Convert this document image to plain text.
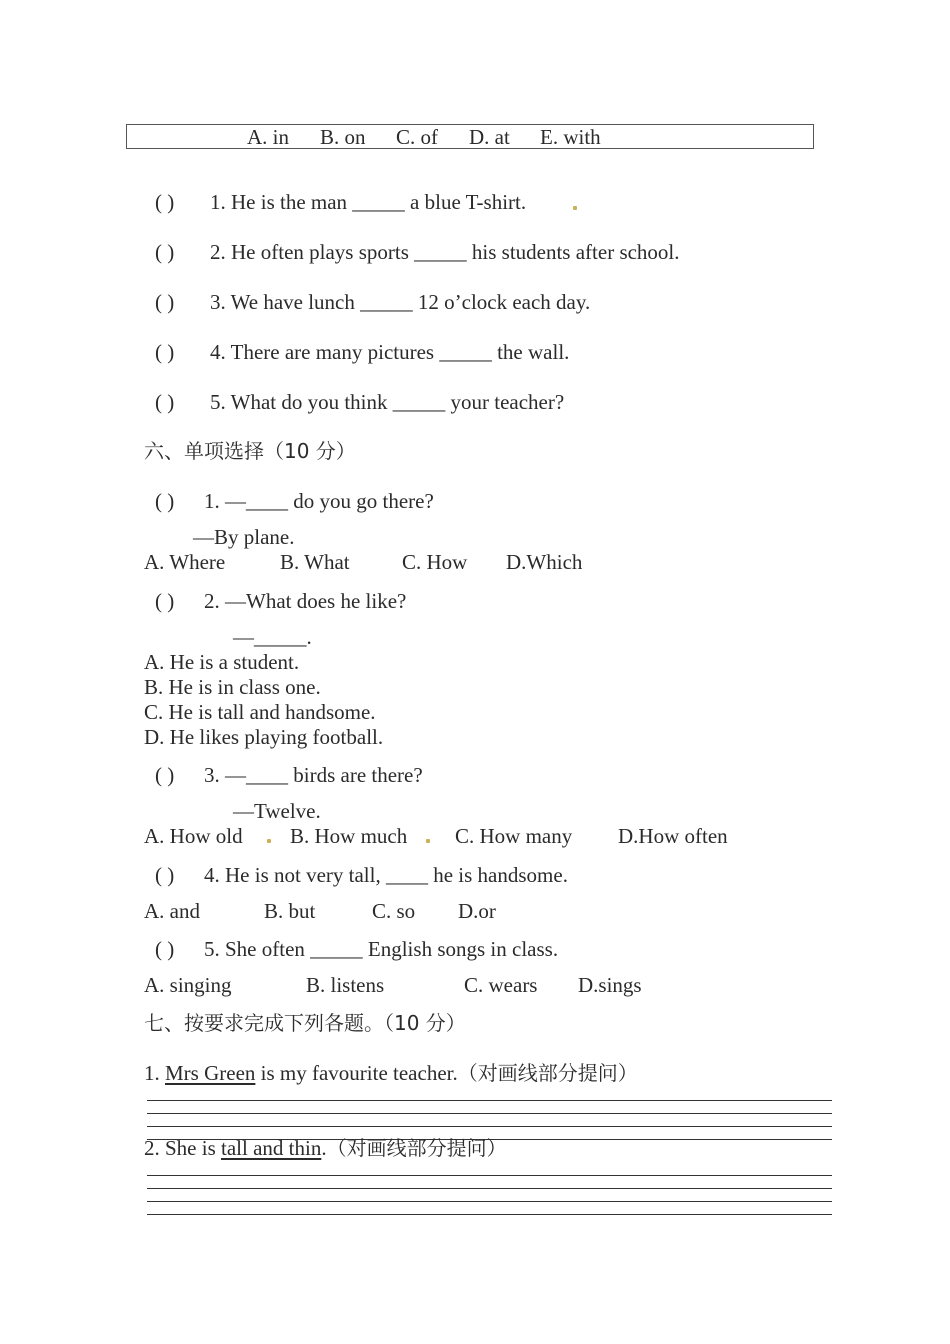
A. in B. on C. of D. at E. with
( ) 1. He is the man _____ a blue T-shirt.
( ) 2. He often plays sports _____ his students after school.
( ) 3. We have lunch _____ 12 o’clock each day.
( ) 4. There are many pictures _____ the wall.
( ) 5. What do you think _____ your teacher?
六、单项选择（10 分）
( ) 1. —____ do you go there?
—By plane.
A. Where	B. What C. How D.Which
( ) 2. —What does he like?
—_____.
A. He is a student.
B. He is in class one.
C. He is tall and handsome.
D. He likes playing football.
( ) 3. —____ birds are there?
—Twelve.
A. How old B. How much C. How many D.How often
( ) 4. He is not very tall, ____ he is handsome.
A. and	B. but	C. so D.or
( ) 5. She often _____ English songs in class.
A. singing	B. listens	C. wears D.sings
七、按要求完成下列各题。（10 分）
1. Mrs Green is my favourite teacher.（对画线部分提问）
2. She is tall and thin.（对画线部分提问）
